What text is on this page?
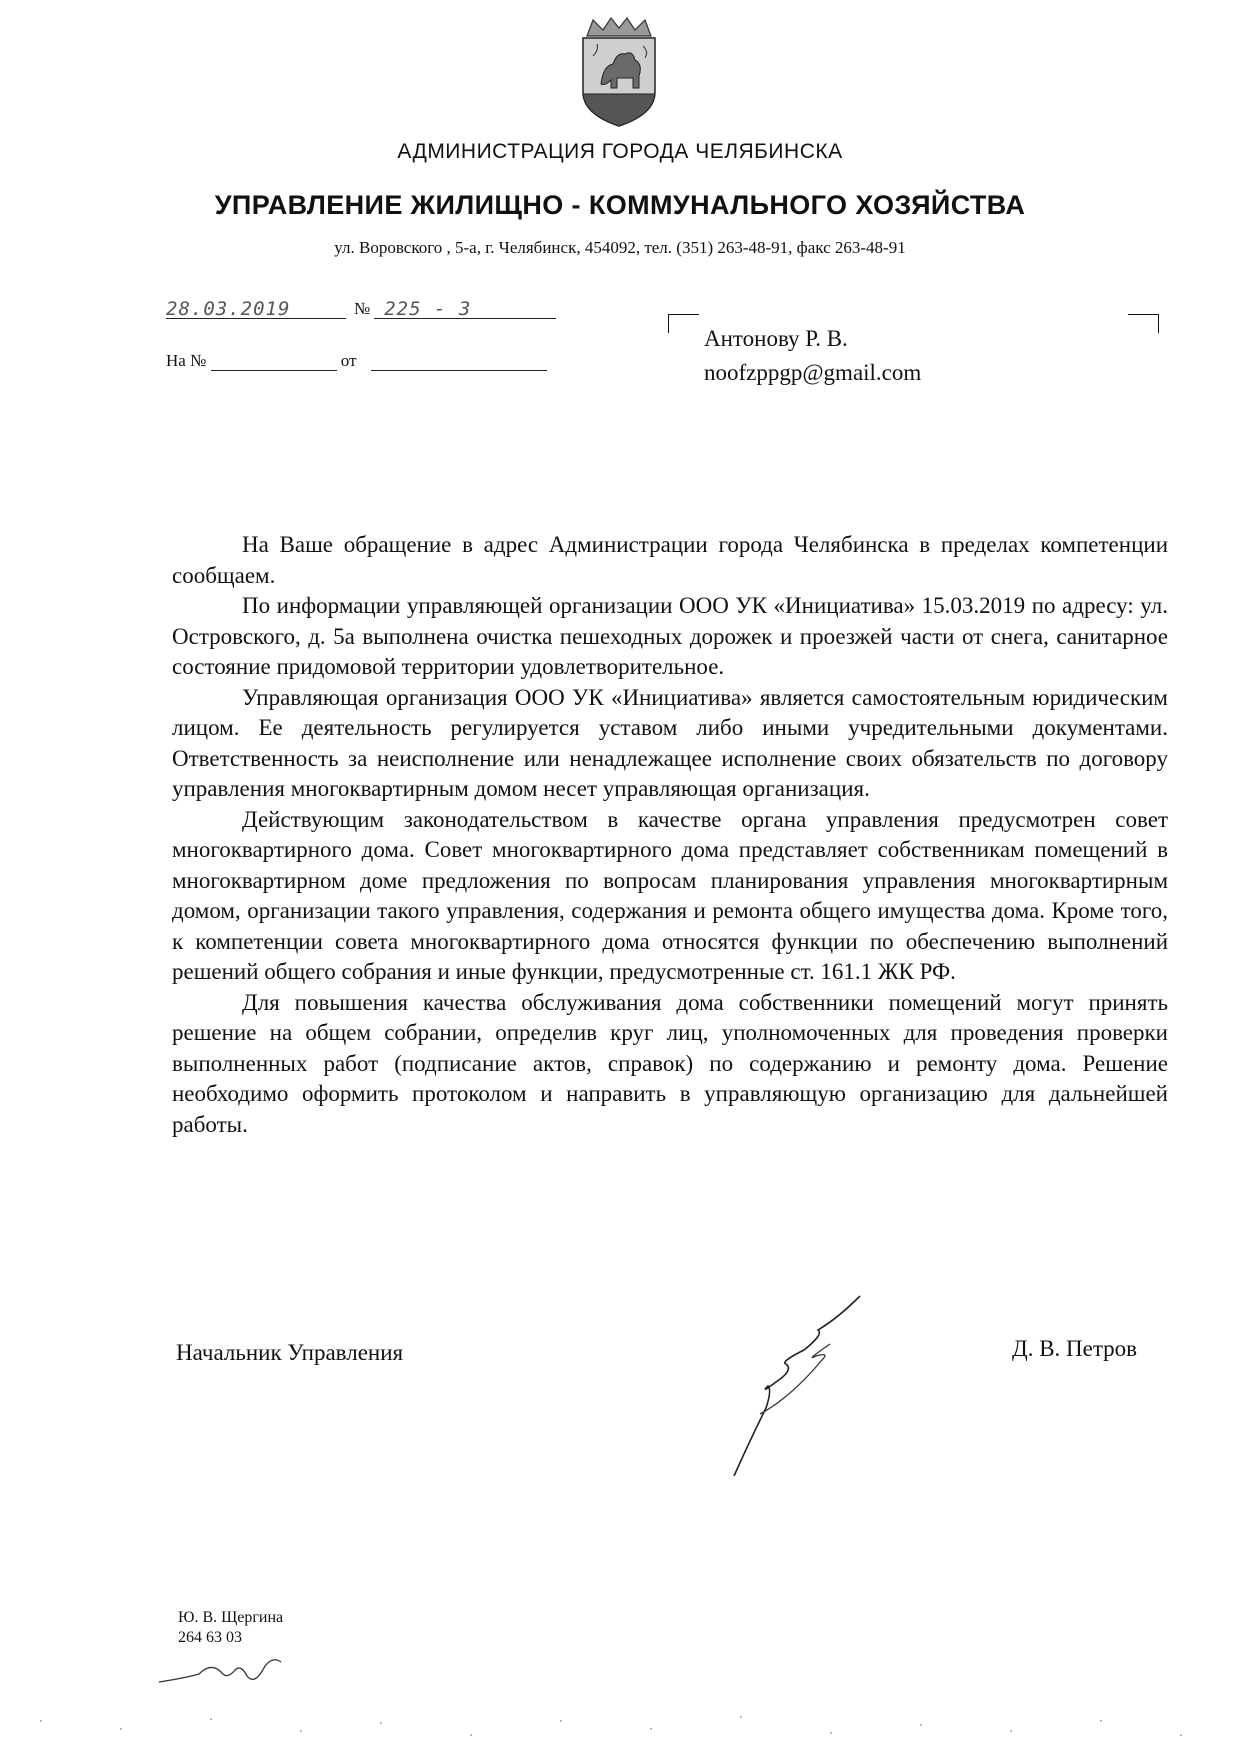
АДМИНИСТРАЦИЯ ГОРОДА ЧЕЛЯБИНСКА
УПРАВЛЕНИЕ ЖИЛИЩНО - КОММУНАЛЬНОГО ХОЗЯЙСТВА
ул. Воровского , 5-а, г. Челябинск, 454092, тел. (351) 263-48-91, факс 263-48-91
28.03.2019	№ 225 - 3
На №	от
Антонову Р. В.
noofzppgp@gmail.com

На Ваше обращение в адрес Администрации города Челябинска в пределах компетенции сообщаем.

По информации управляющей организации ООО УК «Инициатива» 15.03.2019 по адресу: ул. Островского, д. 5а выполнена очистка пешеходных дорожек и проезжей части от снега, санитарное состояние придомовой территории удовлетворительное.

Управляющая организация ООО УК «Инициатива» является самостоятельным юридическим лицом. Ее деятельность регулируется уставом либо иными учредительными документами. Ответственность за неисполнение или ненадлежащее исполнение своих обязательств по договору управления многоквартирным домом несет управляющая организация.

Действующим законодательством в качестве органа управления предусмотрен совет многоквартирного дома. Совет многоквартирного дома представляет собственникам помещений в многоквартирном доме предложения по вопросам планирования управления многоквартирным домом, организации такого управления, содержания и ремонта общего имущества дома. Кроме того, к компетенции совета многоквартирного дома относятся функции по обеспечению выполнений решений общего собрания и иные функции, предусмотренные ст. 161.1 ЖК РФ.

Для повышения качества обслуживания дома собственники помещений могут принять решение на общем собрании, определив круг лиц, уполномоченных для проведения проверки выполненных работ (подписание актов, справок) по содержанию и ремонту дома. Решение необходимо оформить протоколом и направить в управляющую организацию для дальнейшей работы.

Начальник Управления	Д. В. Петров
Ю. В. Щергина
264 63 03
